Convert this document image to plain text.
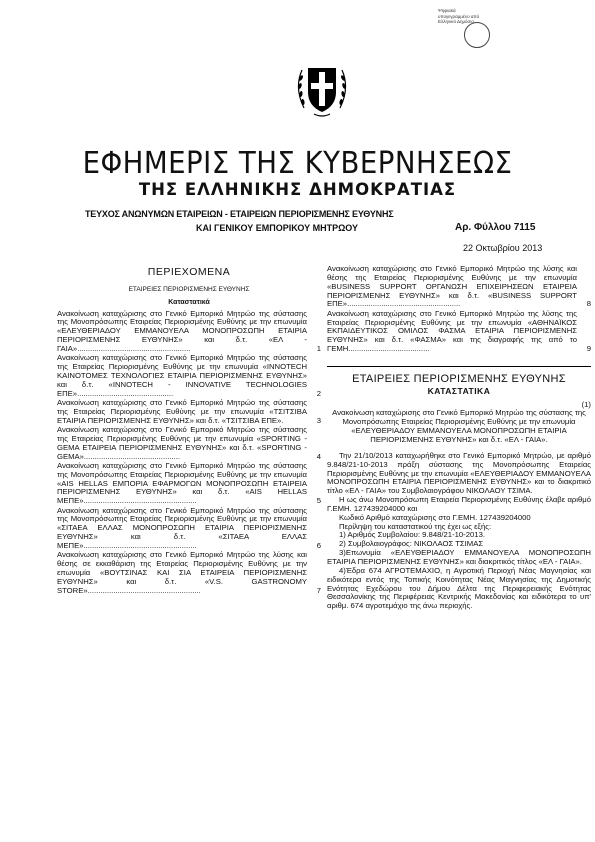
Ψηφιακά
υπογεγραμμένο από
Ελληνικό Δημόσιο
ΕΦΗΜΕΡΙΣ ΤΗΣ ΚΥΒΕΡΝΗΣΕΩΣ
ΤΗΣ ΕΛΛΗΝΙΚΗΣ ΔΗΜΟΚΡΑΤΙΑΣ
ΤΕΥΧΟΣ ΑΝΩΝΥΜΩΝ ΕΤΑΙΡΕΙΩΝ - ΕΤΑΙΡΕΙΩΝ ΠΕΡΙΟΡΙΣΜΕΝΗΣ ΕΥΘΥΝΗΣ
ΚΑΙ ΓΕΝΙΚΟΥ ΕΜΠΟΡΙΚΟΥ ΜΗΤΡΩΟΥ	Αρ. Φύλλου 7115
22 Οκτωβρίου 2013
ΠΕΡΙΕΧΟΜΕΝΑ
ΕΤΑΙΡΕΙΕΣ ΠΕΡΙΟΡΙΣΜΕΝΗΣ ΕΥΘΥΝΗΣ
Καταστατικά
Ανακοίνωση καταχώρισης στο Γενικό Εμπορικό Μητρώο της σύστασης της Μονοπρόσωπης Εταιρείας Περιορισμένης Ευθύνης με την επωνυμία «ΕΛΕΥΘΕΡΙΑΔΟΥ ΕΜΜΑΝΟΥΕΛΑ ΜΟΝΟΠΡΟΣΩΠΗ ΕΤΑΙΡΙΑ ΠΕΡΙΟΡΙΣΜΕΝΗΣ ΕΥΘΥΝΗΣ» και δ.τ. «ΕΛ - ΓΑΙΑ».....................................................	1
Ανακοίνωση καταχώρισης στο Γενικό Εμπορικό Μητρώο της σύστασης της Εταιρείας Περιορισμένης Ευθύνης με την επωνυμία «INNOTECH ΚΑΙΝΟΤΟΜΕΣ ΤΕΧΝΟΛΟΓΙΕΣ ΕΤΑΙΡΙΑ ΠΕΡΙΟΡΙΣΜΕΝΗΣ ΕΥΘΥΝΗΣ» και δ.τ. «INNOTECH - INNOVATIVE TECHNOLOGIES ΕΠΕ».............................................	2
Ανακοίνωση καταχώρισης στο Γενικό Εμπορικό Μητρώο της σύστασης της Εταιρείας Περιορισμένης Ευθύνης με την επωνυμία «ΤΣΙΤΣΙΒΑ ΕΤΑΙΡΙΑ ΠΕΡΙΟΡΙΣΜΕΝΗΣ ΕΥΘΥΝΗΣ» και δ.τ. «ΤΣΙΤΣΙΒΑ ΕΠΕ».	3
Ανακοίνωση καταχώρισης στο Γενικό Εμπορικό Μητρώο της σύστασης της Εταιρείας Περιορισμένης Ευθύνης με την επωνυμία «SPORTING - GEMA ΕΤΑΙΡΕΙΑ ΠΕΡΙΟΡΙΣΜΕΝΗΣ ΕΥΘΥΝΗΣ» και δ.τ. «SPORTING - GEMA».............................................	4
Ανακοίνωση καταχώρισης στο Γενικό Εμπορικό Μητρώο της σύστασης της Μονοπρόσωπης Εταιρείας Περιορισμένης Ευθύνης με την επωνυμία «AIS HELLAS ΕΜΠΟΡΙΑ ΕΦΑΡΜΟΓΩΝ ΜΟΝΟΠΡΟΣΩΠΗ ΕΤΑΙΡΕΙΑ ΠΕΡΙΟΡΙΣΜΕΝΗΣ ΕΥΘΥΝΗΣ» και δ.τ. «AIS HELLAS ΜΕΠΕ».....................................................	5
Ανακοίνωση καταχώρισης στο Γενικό Εμπορικό Μητρώο της σύστασης της Μονοπρόσωπης Εταιρείας Περιορισμένης Ευθύνης με την επωνυμία «ΣΙΤΑΕΑ ΕΛΛΑΣ ΜΟΝΟΠΡΟΣΩΠΗ ΕΤΑΙΡΙΑ ΠΕΡΙΟΡΙΣΜΕΝΗΣ ΕΥΘΥΝΗΣ» και δ.τ. «ΣΙΤΑΕΑ ΕΛΛΑΣ ΜΕΠΕ».....................................................	6
Ανακοίνωση καταχώρισης στο Γενικό Εμπορικό Μητρώο της λύσης και θέσης σε εκκαθάριση της Εταιρείας Περιορισμένης Ευθύνης με την επωνυμία «ΒΟΥΤΣΙΝΑΣ ΚΑΙ ΣΙΑ ΕΤΑΙΡΕΙΑ ΠΕΡΙΟΡΙΣΜΕΝΗΣ ΕΥΘΥΝΗΣ» και δ.τ. «V.S. GASTRONOMY STORE».....................................................	7
Ανακοίνωση καταχώρισης στο Γενικό Εμπορικό Μητρώο της λύσης και θέσης της Εταιρείας Περιορισμένης Ευθύνης με την επωνυμία «BUSINESS SUPPORT ΟΡΓΑΝΩΣΗ ΕΠΙΧΕΙΡΗΣΕΩΝ ΕΤΑΙΡΕΙΑ ΠΕΡΙΟΡΙΣΜΕΝΗΣ ΕΥΘΥΝΗΣ» και δ.τ. «BUSINESS SUPPORT ΕΠΕ».....................................................	8
Ανακοίνωση καταχώρισης στο Γενικό Εμπορικό Μητρώο της λύσης της Εταιρείας Περιορισμένης Ευθύνης με την επωνυμία «ΑΘΗΝΑΪΚΟΣ ΕΚΠΑΙΔΕΥΤΙΚΟΣ ΟΜΙΛΟΣ ΦΑΣΜΑ ΕΤΑΙΡΙΑ ΠΕΡΙΟΡΙΣΜΕΝΗΣ ΕΥΘΥΝΗΣ» και δ.τ. «ΦΑΣΜΑ» και της διαγραφής της από το ΓΕΜΗ......................................	9
ΕΤΑΙΡΕΙΕΣ ΠΕΡΙΟΡΙΣΜΕΝΗΣ ΕΥΘΥΝΗΣ
ΚΑΤΑΣΤΑΤΙΚΑ
(1)
Ανακοίνωση καταχώρισης στο Γενικό Εμπορικό Μητρώο της σύστασης της Μονοπρόσωπης Εταιρείας Περιορισμένης Ευθύνης με την επωνυμία «ΕΛΕΥΘΕΡΙΑΔΟΥ ΕΜΜΑΝΟΥΕΛΑ ΜΟΝΟΠΡΟΣΩΠΗ ΕΤΑΙΡΙΑ ΠΕΡΙΟΡΙΣΜΕΝΗΣ ΕΥΘΥΝΗΣ» και δ.τ. «ΕΛ - ΓΑΙΑ».
Την 21/10/2013 καταχωρήθηκε στο Γενικό Εμπορικό Μητρώο, με αριθμό 9.848/21-10-2013 πράξη σύστασης της Μονοπρόσωπης Εταιρείας Περιορισμένης Ευθύνης με την επωνυμία «ΕΛΕΥΘΕΡΙΑΔΟΥ ΕΜΜΑΝΟΥΕΛΑ ΜΟΝΟΠΡΟΣΩΠΗ ΕΤΑΙΡΙΑ ΠΕΡΙΟΡΙΣΜΕΝΗΣ ΕΥΘΥΝΗΣ» και το διακριτικό τίτλο «ΕΛ - ΓΑΙΑ» του Συμβολαιογράφου ΝΙΚΟΛΑΟΥ ΤΣΙΜΑ.
Η ως άνω Μονοπρόσωπη Εταιρεία Περιορισμένης Ευθύνης έλαβε αριθμό Γ.ΕΜΗ. 127439204000 και
Κωδικό Αριθμό καταχώρισης στο Γ.ΕΜΗ. 127439204000
Περίληψη του καταστατικού της έχει ως εξής:
1) Αριθμός Συμβολαίου: 9.848/21-10-2013.
2) Συμβολαιογράφος: ΝΙΚΟΛΑΟΣ ΤΣΙΜΑΣ
3)Επωνυμία «ΕΛΕΥΘΕΡΙΑΔΟΥ ΕΜΜΑΝΟΥΕΛΑ ΜΟΝΟΠΡΟΣΩΠΗ ΕΤΑΙΡΙΑ ΠΕΡΙΟΡΙΣΜΕΝΗΣ ΕΥΘΥΝΗΣ» και διακριτικός τίτλος «ΕΛ - ΓΑΙΑ».
4)Έδρα 674 ΑΓΡΟΤΕΜΑΧΙΟ, η Αγροτική Περιοχή Νέας Μαγνησίας και ειδικότερα εντός της Τοπικής Κοινότητας Νέας Μαγνησίας της Δημοτικής Ενότητας Εχεδώρου του Δήμου Δέλτα της Περιφερειακής Ενότητας Θεσσαλονίκης της Περιφέρειας Κεντρικής Μακεδονίας και ειδικότερα το υπ' αριθμ. 674 αγροτεμάχιο της άνω περιοχής.
